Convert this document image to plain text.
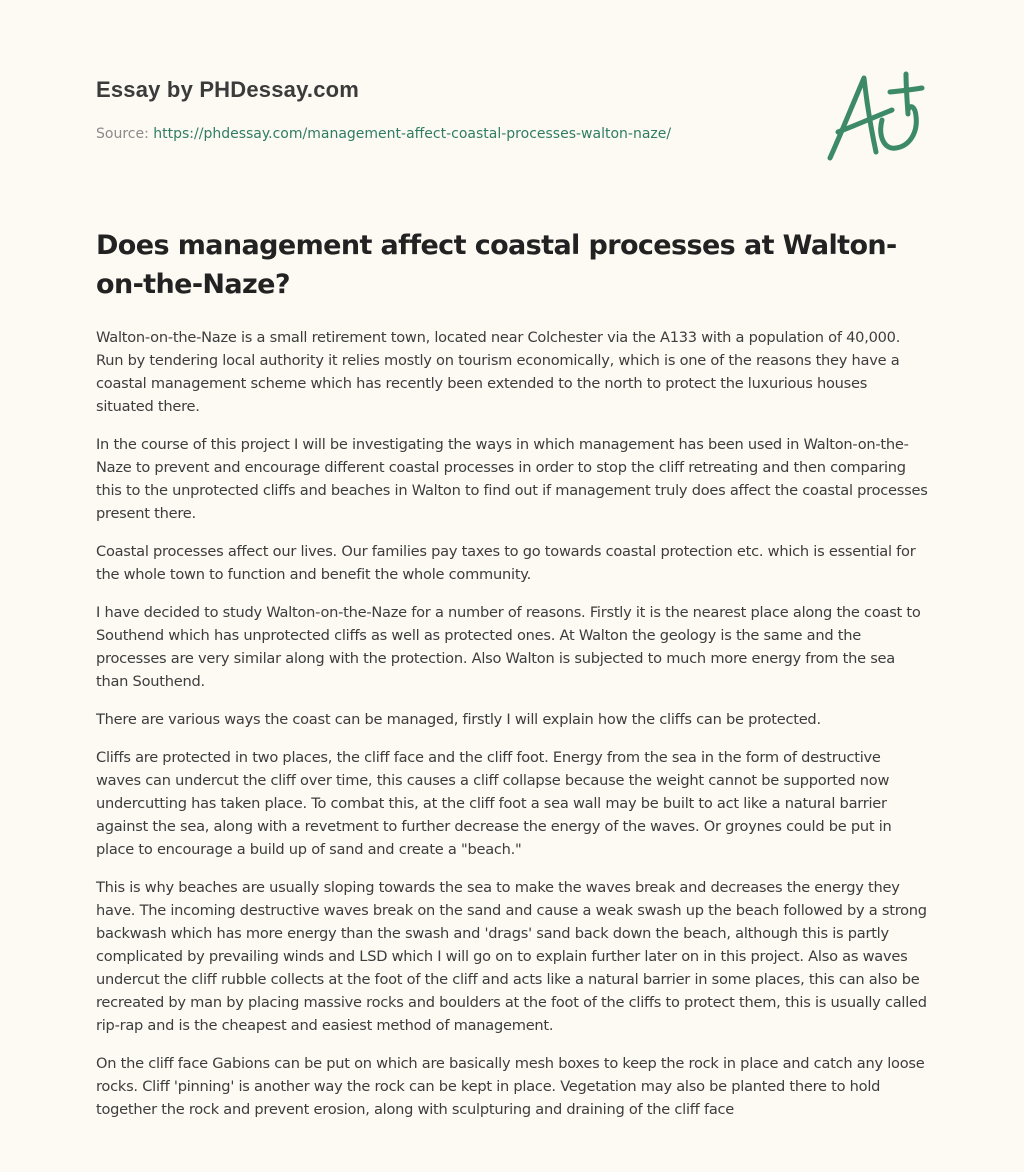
Essay by PHDessay.com
Source: https://phdessay.com/management-affect-coastal-processes-walton-naze/
Does management affect coastal processes at Walton-on-the-Naze?

Walton-on-the-Naze is a small retirement town, located near Colchester via the A133 with a population of 40,000. Run by tendering local authority it relies mostly on tourism economically, which is one of the reasons they have a coastal management scheme which has recently been extended to the north to protect the luxurious houses situated there.

In the course of this project I will be investigating the ways in which management has been used in Walton-on-the-Naze to prevent and encourage different coastal processes in order to stop the cliff retreating and then comparing this to the unprotected cliffs and beaches in Walton to find out if management truly does affect the coastal processes present there.

Coastal processes affect our lives. Our families pay taxes to go towards coastal protection etc. which is essential for the whole town to function and benefit the whole community.

I have decided to study Walton-on-the-Naze for a number of reasons. Firstly it is the nearest place along the coast to Southend which has unprotected cliffs as well as protected ones. At Walton the geology is the same and the processes are very similar along with the protection. Also Walton is subjected to much more energy from the sea than Southend.

There are various ways the coast can be managed, firstly I will explain how the cliffs can be protected.

Cliffs are protected in two places, the cliff face and the cliff foot. Energy from the sea in the form of destructive waves can undercut the cliff over time, this causes a cliff collapse because the weight cannot be supported now undercutting has taken place. To combat this, at the cliff foot a sea wall may be built to act like a natural barrier against the sea, along with a revetment to further decrease the energy of the waves. Or groynes could be put in place to encourage a build up of sand and create a "beach."

This is why beaches are usually sloping towards the sea to make the waves break and decreases the energy they have. The incoming destructive waves break on the sand and cause a weak swash up the beach followed by a strong backwash which has more energy than the swash and 'drags' sand back down the beach, although this is partly complicated by prevailing winds and LSD which I will go on to explain further later on in this project. Also as waves undercut the cliff rubble collects at the foot of the cliff and acts like a natural barrier in some places, this can also be recreated by man by placing massive rocks and boulders at the foot of the cliffs to protect them, this is usually called rip-rap and is the cheapest and easiest method of management.

On the cliff face Gabions can be put on which are basically mesh boxes to keep the rock in place and catch any loose rocks. Cliff 'pinning' is another way the rock can be kept in place. Vegetation may also be planted there to hold together the rock and prevent erosion, along with sculpturing and draining of the cliff face
